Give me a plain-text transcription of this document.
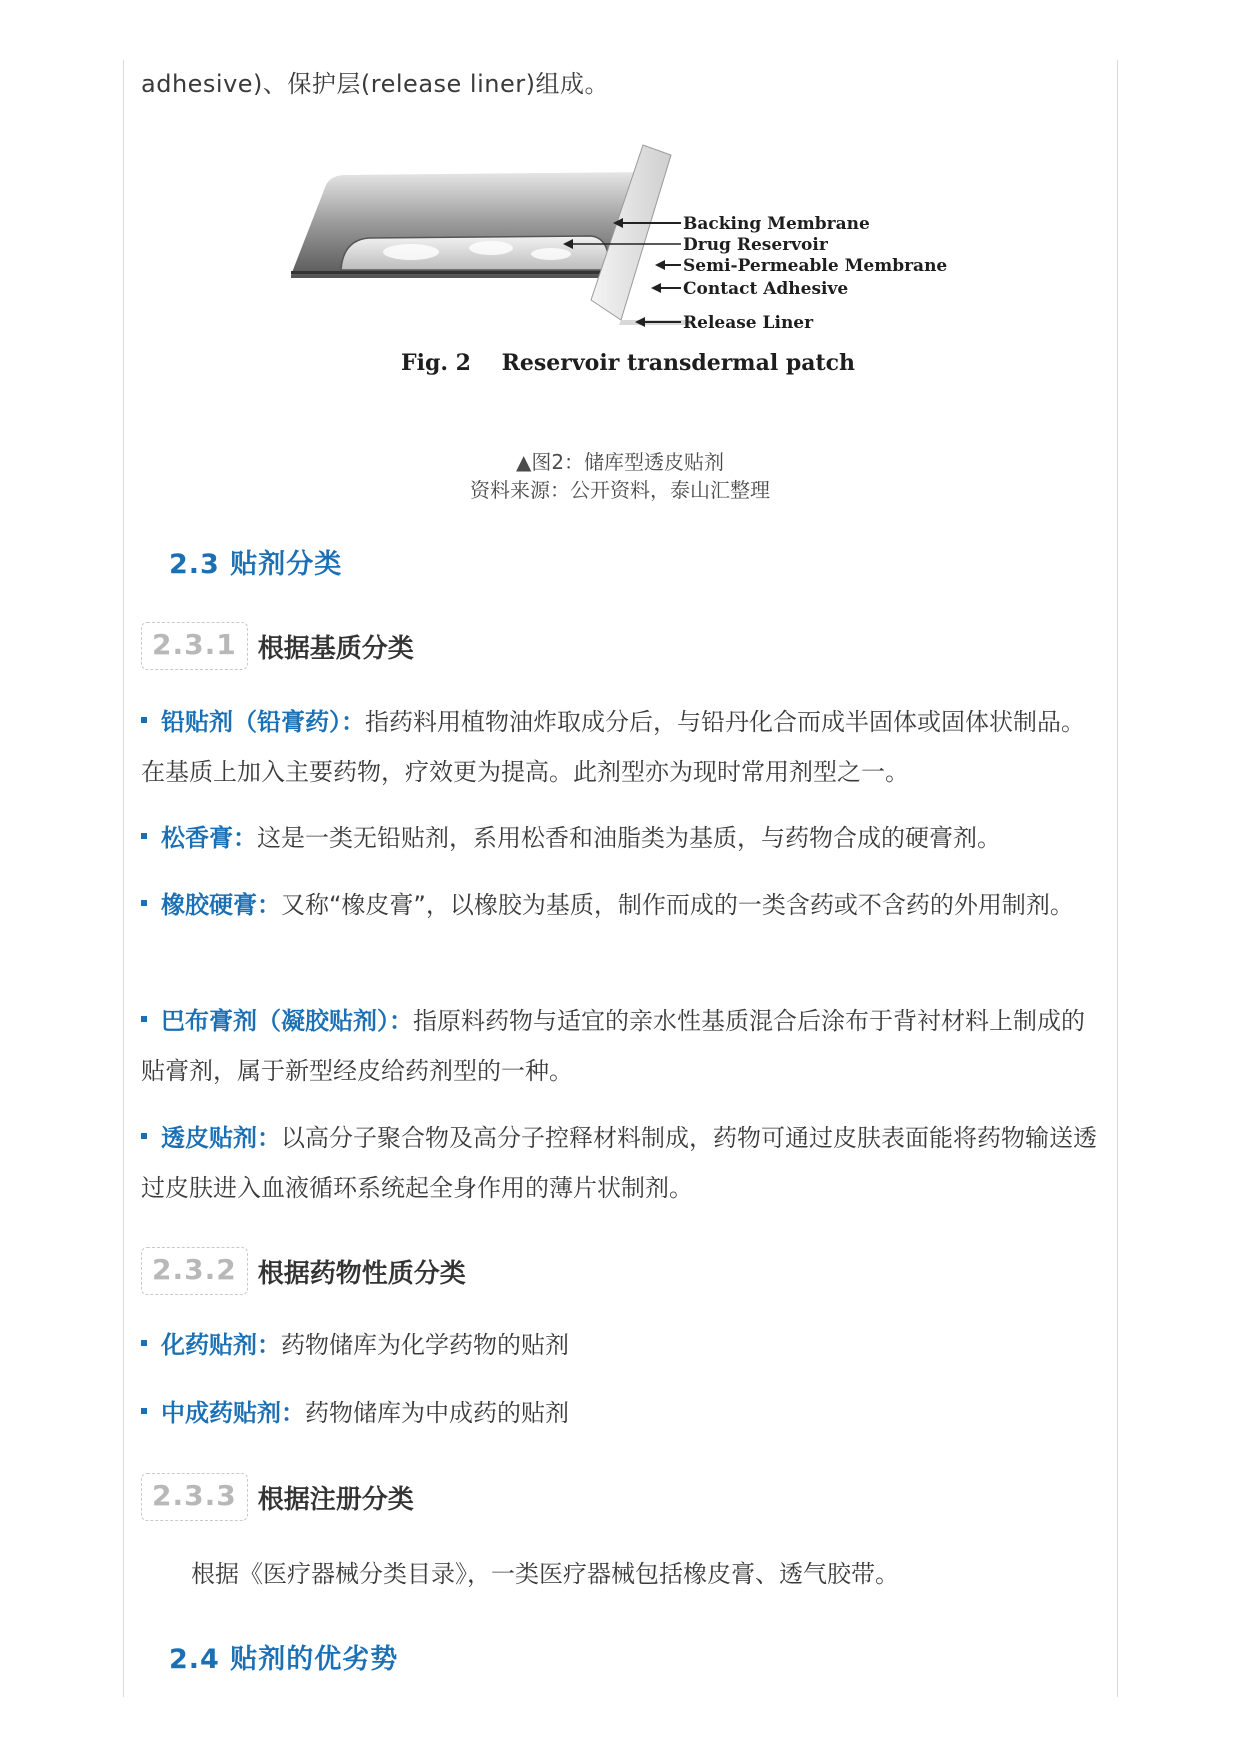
adhesive)、保护层(release liner)组成。
Backing Membrane
Drug Reservoir
Semi-Permeable Membrane
Contact Adhesive
Release Liner
Fig. 2    Reservoir transdermal patch
▲图2：储库型透皮贴剂
资料来源：公开资料，泰山汇整理
2.3 贴剂分类
2.3.1 根据基质分类
铅贴剂（铅膏药）：指药料用植物油炸取成分后，与铅丹化合而成半固体或固体状制品。在基质上加入主要药物，疗效更为提高。此剂型亦为现时常用剂型之一。
松香膏：这是一类无铅贴剂，系用松香和油脂类为基质，与药物合成的硬膏剂。
橡胶硬膏：又称“橡皮膏”，以橡胶为基质，制作而成的一类含药或不含药的外用制剂。
巴布膏剂（凝胶贴剂）：指原料药物与适宜的亲水性基质混合后涂布于背衬材料上制成的贴膏剂，属于新型经皮给药剂型的一种。
透皮贴剂：以高分子聚合物及高分子控释材料制成，药物可通过皮肤表面能将药物输送透过皮肤进入血液循环系统起全身作用的薄片状制剂。
2.3.2 根据药物性质分类
化药贴剂：药物储库为化学药物的贴剂
中成药贴剂：药物储库为中成药的贴剂
2.3.3 根据注册分类
根据《医疗器械分类目录》，一类医疗器械包括橡皮膏、透气胶带。
2.4 贴剂的优劣势
